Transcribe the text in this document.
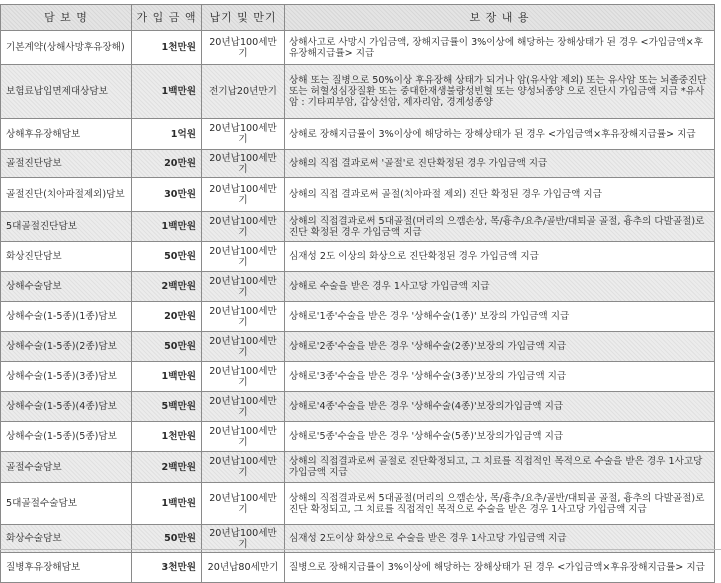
담 보 명	가 입 금 액	납기 및 만기	보 장 내 용
기본계약(상해사망후유장해)	1천만원	20년납100세만기	상해사고로 사망시 가입금액, 장해지급률이 3%이상에 해당하는 장해상태가 된 경우 <가입금액×후유장해지급률> 지급
보험료납입면제대상담보	1백만원	전기납20년만기	상해 또는 질병으로 50%이상 후유장해 상태가 되거나 암(유사암 제외) 또는 유사암 또는 뇌졸중진단 또는 허혈성심장질환 또는 중대한재생불량성빈혈 또는 양성뇌종양 으로 진단시 가입금액 지급 *유사암 : 기타피부암, 갑상선암, 제자리암, 경계성종양
상해후유장해담보	1억원	20년납100세만기	상해로 장해지급률이 3%이상에 해당하는 장해상태가 된 경우 <가입금액×후유장해지급률> 지급
골절진단담보	20만원	20년납100세만기	상해의 직접 결과로써 '골절'로 진단확정된 경우 가입금액 지급
골절진단(치아파절제외)담보	30만원	20년납100세만기	상해의 직접 결과로써 골절(치아파절 제외) 진단 확정된 경우 가입금액 지급
5대골절진단담보	1백만원	20년납100세만기	상해의 직접결과로써 5대골절(머리의 으깸손상, 목/흉추/요추/골반/대퇴골 골절, 흉추의 다발골절)로 진단 확정된 경우 가입금액 지급
화상진단담보	50만원	20년납100세만기	심재성 2도 이상의 화상으로 진단확정된 경우 가입금액 지급
상해수술담보	2백만원	20년납100세만기	상해로 수술을 받은 경우 1사고당 가입금액 지급
상해수술(1-5종)(1종)담보	20만원	20년납100세만기	상해로'1종'수술을 받은 경우 '상해수술(1종)' 보장의 가입금액 지급
상해수술(1-5종)(2종)담보	50만원	20년납100세만기	상해로'2종'수술을 받은 경우 '상해수술(2종)'보장의 가입금액 지급
상해수술(1-5종)(3종)담보	1백만원	20년납100세만기	상해로'3종'수술을 받은 경우 '상해수술(3종)'보장의 가입금액 지급
상해수술(1-5종)(4종)담보	5백만원	20년납100세만기	상해로'4종'수술을 받은 경우 '상해수술(4종)'보장의가입금액 지급
상해수술(1-5종)(5종)담보	1천만원	20년납100세만기	상해로'5종'수술을 받은 경우 '상해수술(5종)'보장의가입금액 지급
골절수술담보	2백만원	20년납100세만기	상해의 직접결과로써 골절로 진단확정되고, 그 치료를 직접적인 목적으로 수술을 받은 경우 1사고당 가입금액 지급
5대골절수술담보	1백만원	20년납100세만기	상해의 직접결과로써 5대골절(머리의 으깸손상, 목/흉추/요추/골반/대퇴골 골절, 흉추의 다발골절)로 진단 확정되고, 그 치료를 직접적인 목적으로 수술을 받은 경우 1사고당 가입금액 지급
화상수술담보	50만원	20년납100세만기	심재성 2도이상 화상으로 수술을 받은 경우 1사고당 가입금액 지급
질병후유장해담보	3천만원	20년납80세만기	질병으로 장해지급률이 3%이상에 해당하는 장해상태가 된 경우 <가입금액×후유장해지급률> 지급
